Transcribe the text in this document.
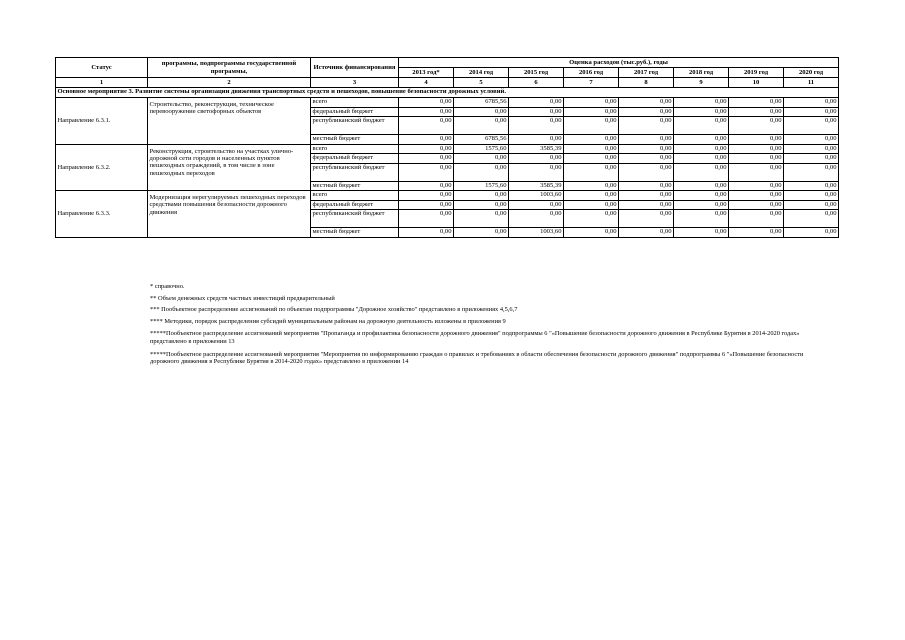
Статус	программы, подпрограммы государственной программы,	Источник финансирования	Оценка расходов (тыс.руб.), годы							
			2013 год*	2014 год	2015 год	2016 год	2017 год	2018 год	2019 год	2020 год
1	2	3	4	5	6	7	8	9	10	11
Основное мероприятие 3. Развитие системы организации движения транспортных средств и пешеходов, повышение безопасности дорожных условий.										
Направление 6.3.1.	Строительство, реконструкция, техническое перевооружение светофорных объектов	всего	0,00	6785,56	0,00	0,00	0,00	0,00	0,00	0,00
		федеральный бюджет	0,00	0,00	0,00	0,00	0,00	0,00	0,00	0,00
		республиканский бюджет	0,00	0,00	0,00	0,00	0,00	0,00	0,00	0,00
		местный бюджет	0,00	6785,56	0,00	0,00	0,00	0,00	0,00	0,00
Направление 6.3.2.	Реконструкция, строительство на участках улично-дорожной сети городов и населенных пунктов пешеходных ограждений, в том числе в зоне пешеходных переходов	всего	0,00	1575,60	3585,39	0,00	0,00	0,00	0,00	0,00
		федеральный бюджет	0,00	0,00	0,00	0,00	0,00	0,00	0,00	0,00
		республиканский бюджет	0,00	0,00	0,00	0,00	0,00	0,00	0,00	0,00
		местный бюджет	0,00	1575,60	3585,39	0,00	0,00	0,00	0,00	0,00
Направление 6.3.3.	Модернизация нерегулируемых пешеходных переходов средствами повышения безопасности дорожного движения	всего	0,00	0,00	1003,60	0,00	0,00	0,00	0,00	0,00
		федеральный бюджет	0,00	0,00	0,00	0,00	0,00	0,00	0,00	0,00
		республиканский бюджет	0,00	0,00	0,00	0,00	0,00	0,00	0,00	0,00
		местный бюджет	0,00	0,00	1003,60	0,00	0,00	0,00	0,00	0,00
* справочно.
** Объем денежных средств частных инвестиций предварительный
*** Пообъектное распределение ассигнований по объектам подпрограммы "Дорожное хозяйство" представлено в приложениях 4,5,6,7
**** Методики, порядок распределения субсидий муниципальным районам на дорожную деятельность изложены в приложения 9
*****Пообъектное распределение ассигнований мероприятия "Пропаганда и профилактика безопасности дорожного движения" подпрограммы 6 "«Повышение безопасности дорожного движения в Республике Бурятия в 2014-2020 годах» представлено в приложении 13
*****Пообъектное распределение ассигнований мероприятия "Мероприятия по информированию граждан о правилах и требованиях в области обеспечения безопасности дорожного движения" подпрограммы 6 "«Повышение безопасности дорожного движения в Республике Бурятия в 2014-2020 годах» представлено в приложении 14
